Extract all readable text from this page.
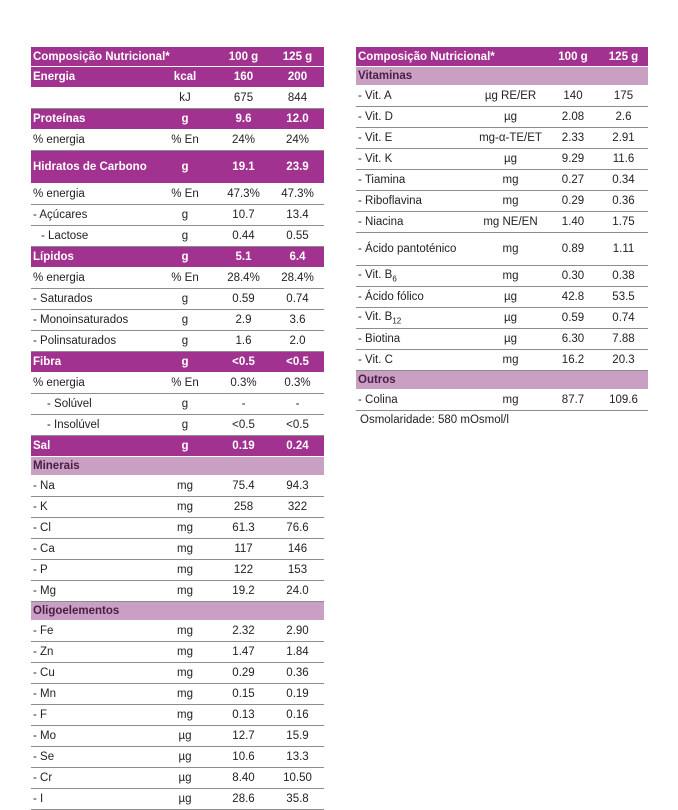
Composição Nutricional*		100 g	125 g
Energia	kcal	160	200
	kJ	675	844
Proteínas	g	9.6	12.0
% energia	% En	24%	24%
Hidratos de Carbono	g	19.1	23.9
% energia	% En	47.3%	47.3%
- Açúcares	g	10.7	13.4
- Lactose	g	0.44	0.55
Lípidos	g	5.1	6.4
% energia	% En	28.4%	28.4%
- Saturados	g	0.59	0.74
- Monoinsaturados	g	2.9	3.6
- Polinsaturados	g	1.6	2.0
Fibra	g	<0.5	<0.5
% energia	% En	0.3%	0.3%
- Solúvel	g	-	-
- Insolúvel	g	<0.5	<0.5
Sal	g	0.19	0.24
Minerais			
- Na	mg	75.4	94.3
- K	mg	258	322
- Cl	mg	61.3	76.6
- Ca	mg	117	146
- P	mg	122	153
- Mg	mg	19.2	24.0
Oligoelementos			
- Fe	mg	2.32	2.90
- Zn	mg	1.47	1.84
- Cu	mg	0.29	0.36
- Mn	mg	0.15	0.19
- F	mg	0.13	0.16
- Mo	µg	12.7	15.9
- Se	µg	10.6	13.3
- Cr	µg	8.40	10.50
- I	µg	28.6	35.8
Composição Nutricional*		100 g	125 g
Vitaminas			
- Vit. A	µg RE/ER	140	175
- Vit. D	µg	2.08	2.6
- Vit. E	mg-α-TE/ET	2.33	2.91
- Vit. K	µg	9.29	11.6
- Tiamina	mg	0.27	0.34
- Riboflavina	mg	0.29	0.36
- Niacina	mg NE/EN	1.40	1.75
- Ácido pantoténico	mg	0.89	1.11
- Vit. $B_6$	mg	0.30	0.38
- Ácido fólico	µg	42.8	53.5
- Vit. $B_{12}$	µg	0.59	0.74
- Biotina	µg	6.30	7.88
- Vit. C	mg	16.2	20.3
Outros			
- Colina	mg	87.7	109.6
Osmolaridade: 580 mOsmol/l
